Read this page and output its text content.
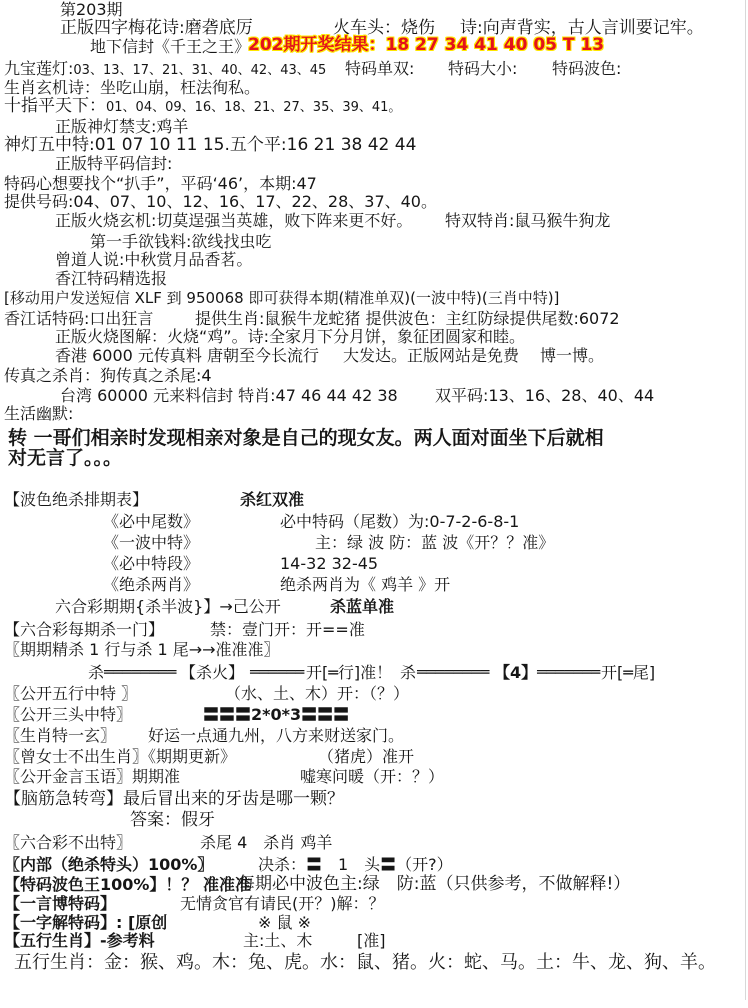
第203期
正版四字梅花诗:磨砻底厉	火车头：烧伤 诗:向声背实，古人言训要记牢。
地下信封《千王之王》
202期开奖结果：18 27 34 41 40 05 T 13
九宝莲灯:03、13、17、21、31、40、42、43、45 特码单双: 特码大小: 特码波色:
生肖玄机诗：坐吃山崩，枉法徇私。
十指平天下：01、04、09、16、18、21、27、35、39、41。
正版神灯禁支:鸡羊
神灯五中特:01 07 10 11 15.五个平:16 21 38 42 44
正版特平码信封:
特码心想要找个“扒手”，平码‘46’，本期:47
提供号码:04、07、10、12、16、17、22、28、37、40。
正版火烧玄机:切莫逞强当英雄，败下阵来更不好。 特双特肖:鼠马猴牛狗龙
第一手欲钱料:欲线找虫吃
曾道人说:中秋赏月品香茗。
香江特码精选报
[移动用户发送短信 XLF 到 950068 即可获得本期(精准单双)(一波中特)(三肖中特)]
香江话特码:口出狂言	提供生肖:鼠猴牛龙蛇猪 提供波色：主红防绿提供尾数:6072
正版火烧图解：火烧“鸡”。诗:全家月下分月饼，象征团圆家和睦。
香港 6000 元传真料 唐朝至今长流行 大发达。正版网站是免费 博一博。
传真之杀肖：狗传真之杀尾:4
台湾 60000 元来料信封 特肖:47 46 44 42 38 双平码:13、16、28、40、44
生活幽默:
转 一哥们相亲时发现相亲对象是自己的现女友。两人面对面坐下后就相
对无言了。。。
【波色绝杀排期表】	杀红双准
《必中尾数》	必中特码（尾数）为:0-7-2-6-8-1
《一波中特》	主：绿 波 防：蓝 波《开？？准》
《必中特段》	14-32 32-45
《绝杀两肖》	绝杀两肖为《 鸡羊 》开
六合彩期期{杀半波}】→己公开	杀蓝单准
【六合彩每期杀一门】	禁：壹门开：开==准
〖期期精杀 1 行与杀 1 尾→→准准准〗
杀 ════════ 【杀火】 ══════ 开[═行]准！ 杀 ════════ 【4】 ═══════ 开[═尾]
〖公开五行中特 〗	（水、土、木）开：（？）
〖公开三头中特〗	〓〓〓2*0*3〓〓〓
〖生肖特一玄〗 好运一点通九州，八方来财送家门。
〖曾女士不出生肖〗《期期更新》	（猪虎）准开
〖公开金言玉语〗期期准	嘘寒问暖（开：？）
【脑筋急转弯】最后冒出来的牙齿是哪一颗？
答案：假牙
〖六合彩不出特〗	杀尾 4　杀肖 鸡羊
〖内部（绝杀特头）100%〗	决杀：〓　1　头〓（开?）
【特码波色王100%】！？ 准准准
每期必中波色主:绿　防:蓝（只供参考，不做解释!）
【一言博特码】	无情贪官有请民(开？)解：？
【一字解特码】: [原创	※ 鼠 ※
【五行生肖】-参考料	主:土、木	[准]
五行生肖：金：猴、鸡。木：兔、虎。水：鼠、猪。火：蛇、马。土：牛、龙、狗、羊。
